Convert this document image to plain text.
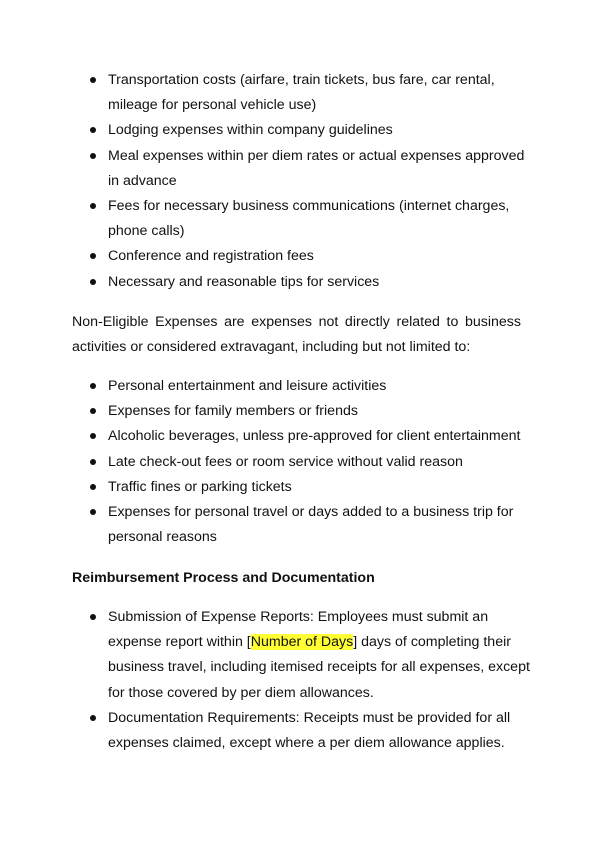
Transportation costs (airfare, train tickets, bus fare, car rental, mileage for personal vehicle use)
Lodging expenses within company guidelines
Meal expenses within per diem rates or actual expenses approved in advance
Fees for necessary business communications (internet charges, phone calls)
Conference and registration fees
Necessary and reasonable tips for services

Non-Eligible Expenses are expenses not directly related to business activities or considered extravagant, including but not limited to:

Personal entertainment and leisure activities
Expenses for family members or friends
Alcoholic beverages, unless pre-approved for client entertainment
Late check-out fees or room service without valid reason
Traffic fines or parking tickets
Expenses for personal travel or days added to a business trip for personal reasons

Reimbursement Process and Documentation

Submission of Expense Reports: Employees must submit an expense report within [Number of Days] days of completing their business travel, including itemised receipts for all expenses, except for those covered by per diem allowances.
Documentation Requirements: Receipts must be provided for all expenses claimed, except where a per diem allowance applies.
